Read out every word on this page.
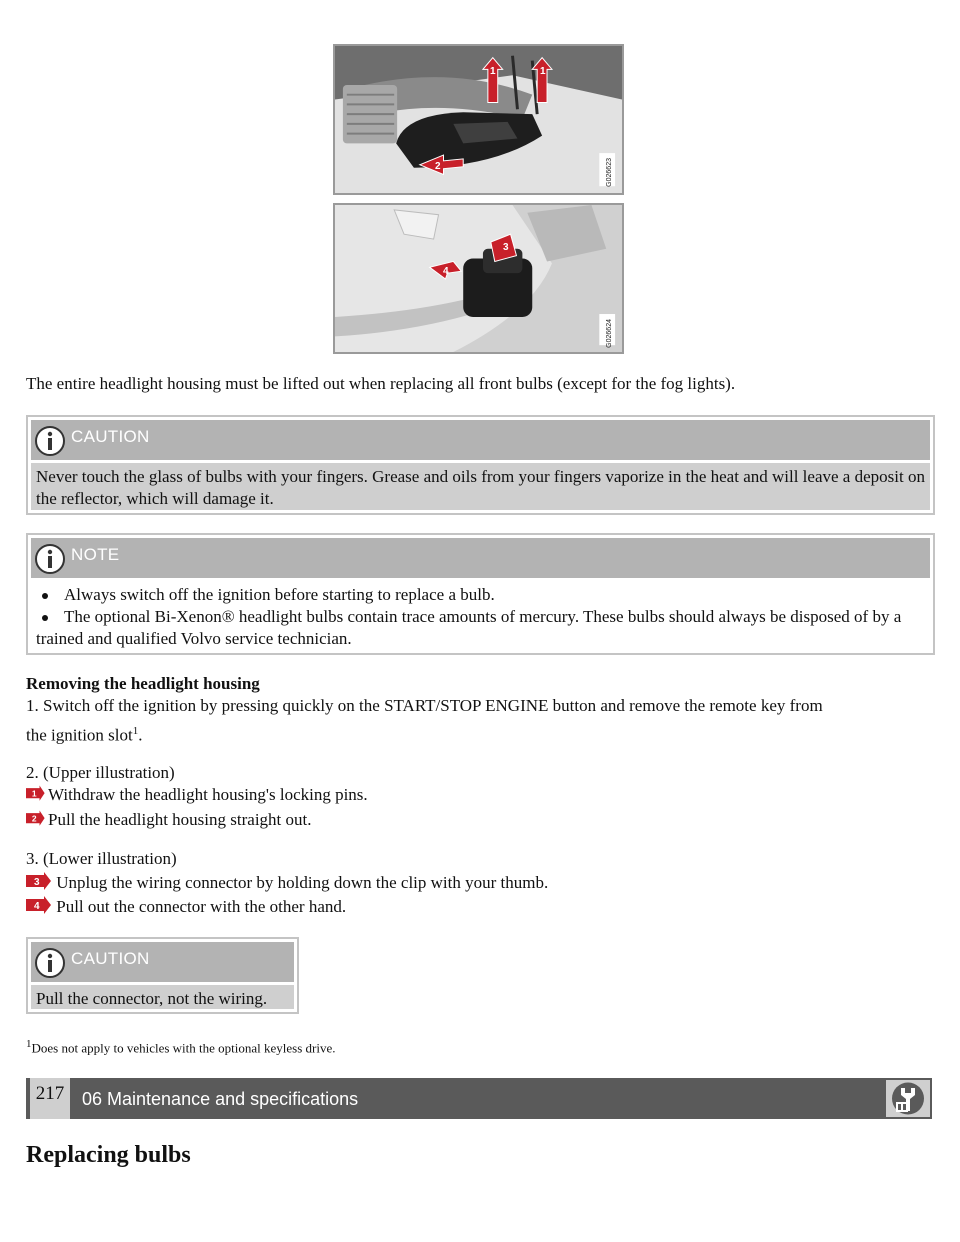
1	1
2	G026623
3
4
G026624
The entire headlight housing must be lifted out when replacing all front bulbs (except for the fog lights).
CAUTION
Never touch the glass of bulbs with your fingers. Grease and oils from your fingers vaporize in the heat and will leave a deposit on the reflector, which will damage it.
NOTE
Always switch off the ignition before starting to replace a bulb.
The optional Bi-Xenon® headlight bulbs contain trace amounts of mercury. These bulbs should always be disposed of by a trained and qualified Volvo service technician.
Removing the headlight housing
1. Switch off the ignition by pressing quickly on the START/STOP ENGINE button and remove the remote key from
the ignition slot$^1$.
2. (Upper illustration)
1 Withdraw the headlight housing's locking pins.
2 Pull the headlight housing straight out.
3. (Lower illustration)
3 Unplug the wiring connector by holding down the clip with your thumb.
4 Pull out the connector with the other hand.
CAUTION
Pull the connector, not the wiring.
$^1$Does not apply to vehicles with the optional keyless drive.
217 06 Maintenance and specifications
Replacing bulbs
